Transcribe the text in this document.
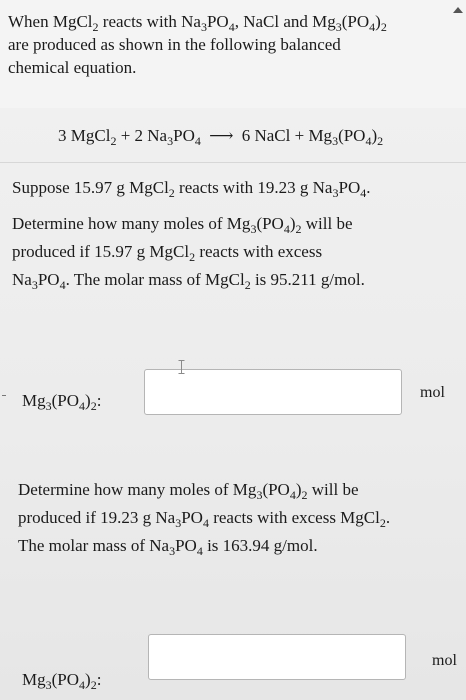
When MgCl$_2$ reacts with $Na_3PO_4$, NaCl and $Mg_3(PO_4)_2$
are produced as shown in the following balanced
chemical equation.
3 MgCl$_2$ + 2 $Na_3PO_4$ ⟶ 6 NaCl + $Mg_3(PO_4)_2$
Suppose 15.97 g MgCl$_2$ reacts with 19.23 g $Na_3PO_4$.
Determine how many moles of $Mg_3(PO_4)_2$ will be
produced if 15.97 g MgCl$_2$ reacts with excess
$Na_3PO_4$. The molar mass of MgCl$_2$ is 95.211 g/mol.
$Mg_3(PO_4)_2$:	mol
Determine how many moles of $Mg_3(PO_4)_2$ will be
produced if 19.23 g $Na_3PO_4$ reacts with excess MgCl$_2$.
The molar mass of $Na_3PO_4$ is 163.94 g/mol.
$Mg_3(PO_4)_2$:
mol
